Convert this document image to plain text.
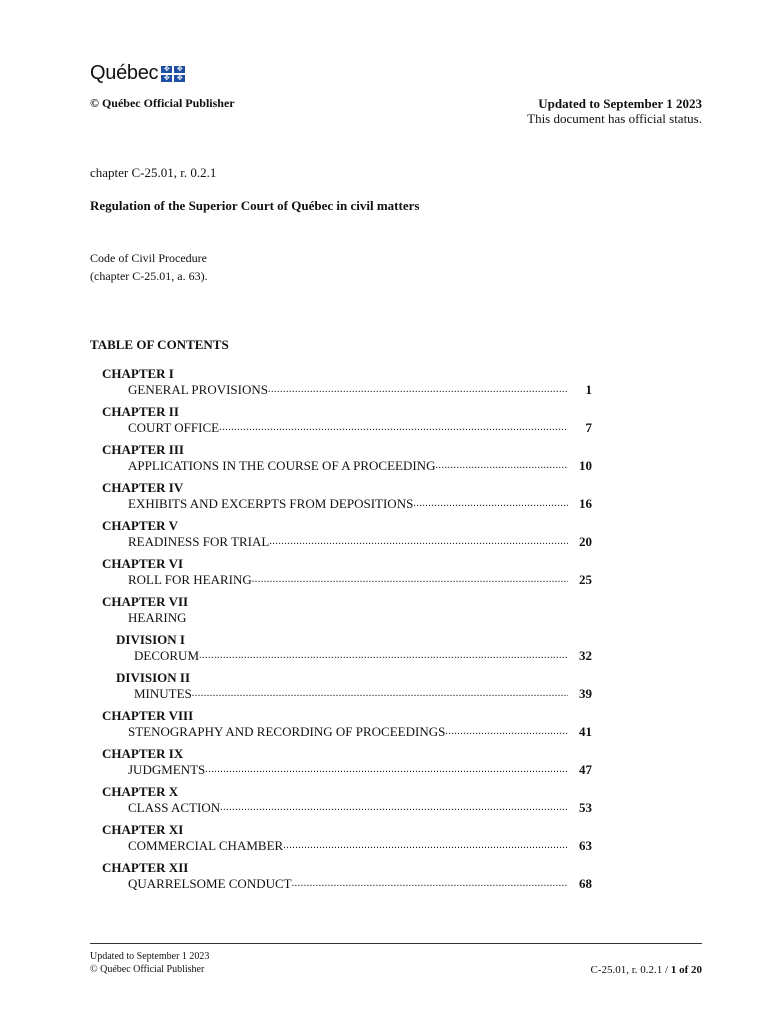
Québec ✥	✥
✥	✥
© Québec Official Publisher	Updated to September 1 2023
This document has official status.
chapter C-25.01, r. 0.2.1
Regulation of the Superior Court of Québec in civil matters
Code of Civil Procedure
(chapter C-25.01, a. 63).
TABLE OF CONTENTS
CHAPTER I
GENERAL PROVISIONS .....	1
CHAPTER II
COURT OFFICE .....	7
CHAPTER III
APPLICATIONS IN THE COURSE OF A PROCEEDING .....	10
CHAPTER IV
EXHIBITS AND EXCERPTS FROM DEPOSITIONS .....	16
CHAPTER V
READINESS FOR TRIAL .....	20
CHAPTER VI
ROLL FOR HEARING .....	25
CHAPTER VII
HEARING
DIVISION I
DECORUM .....	32
DIVISION II
MINUTES .....	39
CHAPTER VIII
STENOGRAPHY AND RECORDING OF PROCEEDINGS .....	41
CHAPTER IX
JUDGMENTS .....	47
CHAPTER X
CLASS ACTION .....	53
CHAPTER XI
COMMERCIAL CHAMBER .....	63
CHAPTER XII
QUARRELSOME CONDUCT .....	68
Updated to September 1 2023
© Québec Official Publisher	C-25.01, r. 0.2.1 / 1 of 20
